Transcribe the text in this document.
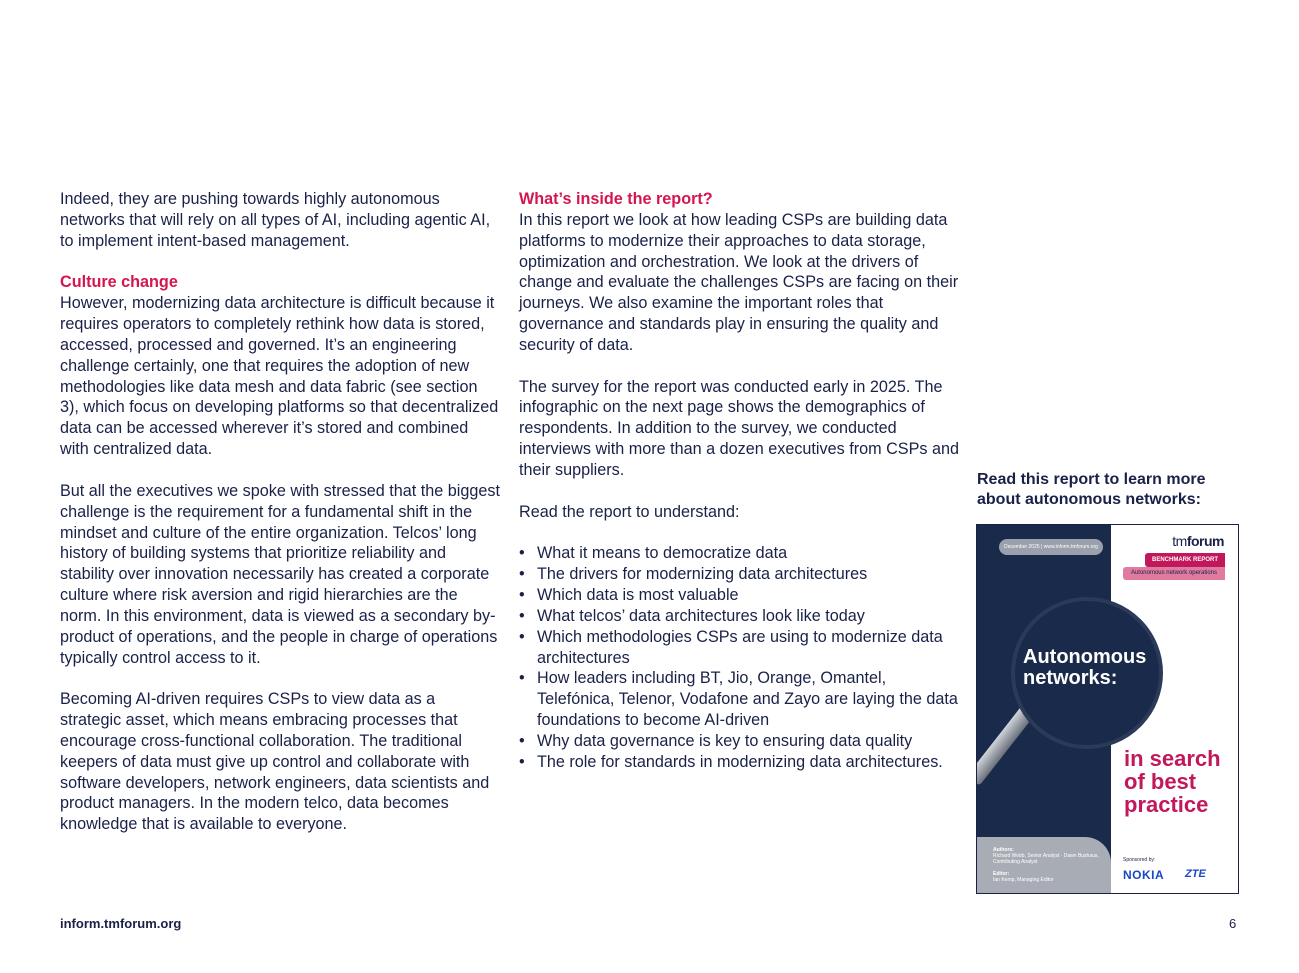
Indeed, they are pushing towards highly autonomous networks that will rely on all types of AI, including agentic AI, to implement intent-based management.

Culture change

However, modernizing data architecture is difficult because it requires operators to completely rethink how data is stored, accessed, processed and governed. It’s an engineering challenge certainly, one that requires the adoption of new methodologies like data mesh and data fabric (see section 3), which focus on developing platforms so that decentralized data can be accessed wherever it’s stored and combined with centralized data.

But all the executives we spoke with stressed that the biggest challenge is the requirement for a fundamental shift in the mindset and culture of the entire organization. Telcos’ long history of building systems that prioritize reliability and stability over innovation necessarily has created a corporate culture where risk aversion and rigid hierarchies are the norm. In this environment, data is viewed as a secondary by-product of operations, and the people in charge of operations typically control access to it.

Becoming AI-driven requires CSPs to view data as a strategic asset, which means embracing processes that encourage cross-functional collaboration. The traditional keepers of data must give up control and collaborate with software developers, network engineers, data scientists and product managers. In the modern telco, data becomes knowledge that is available to everyone.

What’s inside the report?

In this report we look at how leading CSPs are building data platforms to modernize their approaches to data storage, optimization and orchestration. We look at the drivers of change and evaluate the challenges CSPs are facing on their journeys. We also examine the important roles that governance and standards play in ensuring the quality and security of data.

The survey for the report was conducted early in 2025. The infographic on the next page shows the demographics of respondents. In addition to the survey, we conducted interviews with more than a dozen executives from CSPs and their suppliers.

Read the report to understand:

• What it means to democratize data
• The drivers for modernizing data architectures
• Which data is most valuable
• What telcos’ data architectures look like today
• Which methodologies CSPs are using to modernize data architectures
• How leaders including BT, Jio, Orange, Omantel, Telefónica, Telenor, Vodafone and Zayo are laying the data foundations to become AI-driven
• Why data governance is key to ensuring data quality
• The role for standards in modernizing data architectures.
Read this report to learn more about autonomous networks:
December 2025 | www.inform.tmforum.org	tmforum
BENCHMARK REPORT
Autonomous network operations
Autonomous networks:
in search of best practice
Authors:
Richard Webb, Senior Analyst · Dawn Bushaus, Contributing Analyst
Editor:
Ian Kemp, Managing Editor
Sponsored by:
NOKIA ZTE
inform.tmforum.org	6
